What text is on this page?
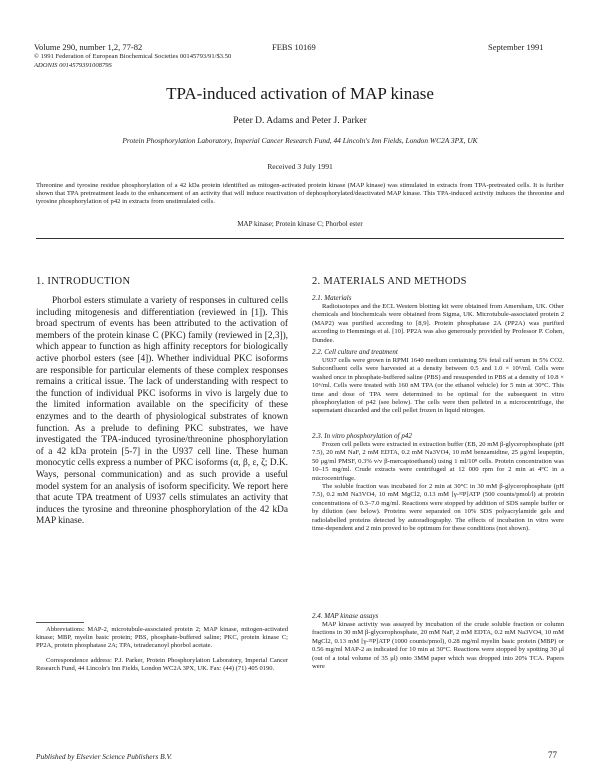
Volume 290, number 1,2, 77-82	FEBS 10169	September 1991
© 1991 Federation of European Biochemical Societies 00145793/91/$3.50
ADONIS 001457939100879S
TPA-induced activation of MAP kinase
Peter D. Adams and Peter J. Parker
Protein Phosphorylation Laboratory, Imperial Cancer Research Fund, 44 Lincoln's Inn Fields, London WC2A 3PX, UK
Received 3 July 1991
Threonine and tyrosine residue phosphorylation of a 42 kDa protein identified as mitogen-activated protein kinase (MAP kinase) was stimulated in extracts from TPA-pretreated cells. It is further shown that TPA pretreatment leads to the enhancement of an activity that will induce reactivation of dephosphorylated/deactivated MAP kinase. This TPA-induced activity induces the threonine and tyrosine phosphorylation of p42 in extracts from unstimulated cells.
MAP kinase; Protein kinase C; Phorbol ester
1. INTRODUCTION

Phorbol esters stimulate a variety of responses in cultured cells including mitogenesis and differentiation (reviewed in [1]). This broad spectrum of events has been attributed to the activation of members of the protein kinase C (PKC) family (reviewed in [2,3]), which appear to function as high affinity receptors for biologically active phorbol esters (see [4]). Whether individual PKC isoforms are responsible for particular elements of these complex responses remains a critical issue. The lack of understanding with respect to the function of individual PKC isoforms in vivo is largely due to the limited information available on the specificity of these enzymes and to the dearth of physiological substrates of known function. As a prelude to defining PKC substrates, we have investigated the TPA-induced tyrosine/threonine phosphorylation of a 42 kDa protein [5-7] in the U937 cell line. These human monocytic cells express a number of PKC isoforms (α, β, ε, ζ; D.K. Ways, personal communication) and as such provide a useful model system for an analysis of isoform specificity. We report here that acute TPA treatment of U937 cells stimulates an activity that induces the tyrosine and threonine phosphorylation of the 42 kDa MAP kinase.

Abbreviations: MAP-2, microtubule-associated protein 2; MAP kinase, mitogen-activated kinase; MBP, myelin basic protein; PBS, phosphate-buffered saline; PKC, protein kinase C; PP2A, protein phosphatase 2A; TPA, tetradecanoyl phorbol acetate.

Correspondence address: P.J. Parker, Protein Phosphorylation Laboratory, Imperial Cancer Research Fund, 44 Lincoln's Inn Fields, London WC2A 3PX, UK. Fax: (44) (71) 405 0190.

Published by Elsevier Science Publishers B.V.	77
2. MATERIALS AND METHODS
2.1. Materials

Radioisotopes and the ECL Western blotting kit were obtained from Amersham, UK. Other chemicals and biochemicals were obtained from Sigma, UK. Microtubule-associated protein 2 (MAP2) was purified according to [8,9]. Protein phosphatase 2A (PP2A) was purified according to Hemmings et al. [10]. PP2A was also generously provided by Professor P. Cohen, Dundee.

2.2. Cell culture and treatment

U937 cells were grown in RPMI 1640 medium containing 5% fetal calf serum in 5% CO2. Subconfluent cells were harvested at a density between 0.5 and 1.0 × 10⁶/ml. Cells were washed once in phosphate-buffered saline (PBS) and resuspended in PBS at a density of 10.8 × 10⁶/ml. Cells were treated with 160 nM TPA (or the ethanol vehicle) for 5 min at 30°C. This time and dose of TPA were determined to be optimal for the subsequent in vitro phosphorylation of p42 (see below). The cells were then pelleted in a microcentrifuge, the supernatant discarded and the cell pellet frozen in liquid nitrogen.

2.3. In vitro phosphorylation of p42

Frozen cell pellets were extracted in extraction buffer (EB, 20 mM β-glycerophosphate (pH 7.5), 20 mM NaF, 2 mM EDTA, 0.2 mM Na3VO4, 10 mM benzamidine, 25 μg/ml leupeptin, 50 μg/ml PMSF, 0.3% v/v β-mercaptoethanol) using 1 ml/10⁸ cells. Protein concentration was 10–15 mg/ml. Crude extracts were centrifuged at 12 000 rpm for 2 min at 4°C in a microcentrifuge.

The soluble fraction was incubated for 2 min at 30°C in 30 mM β-glycerophosphate (pH 7.5), 0.2 mM Na3VO4, 10 mM MgCl2, 0.13 mM [γ-³²P]ATP (500 counts/pmol/l) at protein concentrations of 0.3–7.0 mg/ml. Reactions were stopped by addition of SDS sample buffer or by dilution (see below). Proteins were separated on 10% SDS polyacrylamide gels and radiolabelled proteins detected by autoradiography. The effects of incubation in vitro were time-dependent and 2 min proved to be optimum for these conditions (not shown).

2.4. MAP kinase assays

MAP kinase activity was assayed by incubation of the crude soluble fraction or column fractions in 30 mM β-glycerophosphate, 20 mM NaF, 2 mM EDTA, 0.2 mM Na3VO4, 10 mM MgCl2, 0.13 mM [γ-³²P]ATP (1000 counts/pmol), 0.28 mg/ml myelin basic protein (MBP) or 0.56 mg/ml MAP-2 as indicated for 10 min at 30°C. Reactions were stopped by spotting 30 μl (out of a total volume of 35 μl) onto 3MM paper which was dropped into 20% TCA. Papers were
